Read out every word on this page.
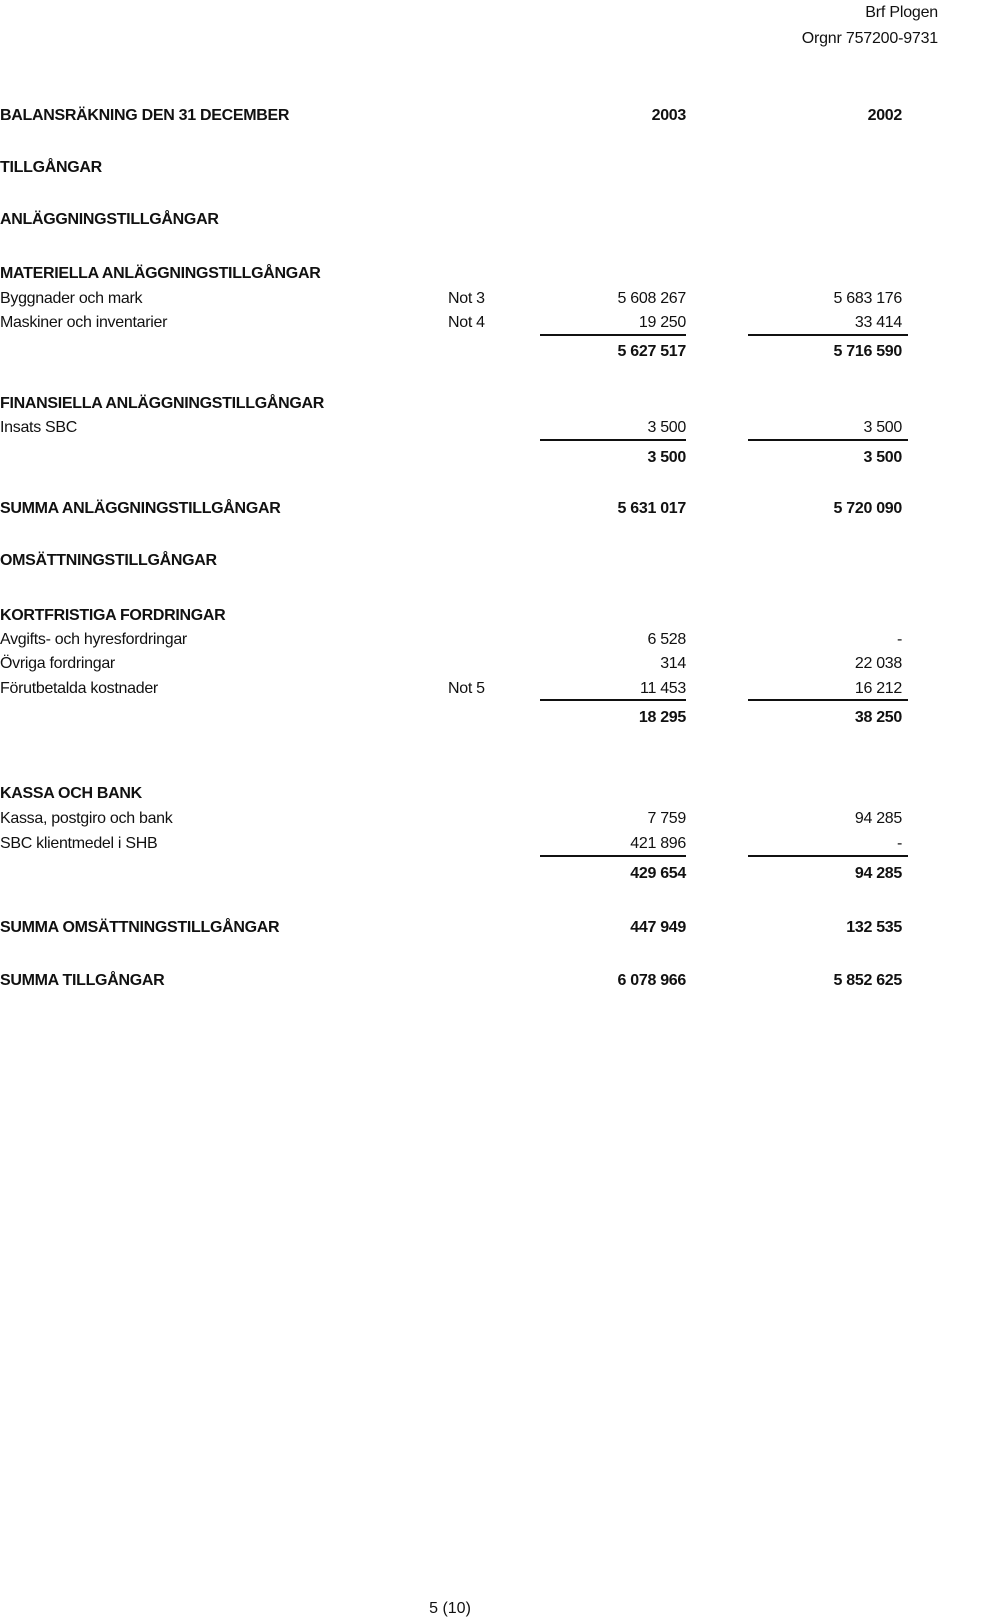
Brf Plogen
Orgnr 757200-9731
BALANSRÄKNING DEN 31 DECEMBER	2003	2002
TILLGÅNGAR
ANLÄGGNINGSTILLGÅNGAR
MATERIELLA ANLÄGGNINGSTILLGÅNGAR
Byggnader och mark	Not 3	5 608 267	5 683 176
Maskiner och inventarier	Not 4	19 250	33 414
5 627 517	5 716 590
FINANSIELLA ANLÄGGNINGSTILLGÅNGAR
Insats SBC	3 500	3 500
3 500	3 500
SUMMA ANLÄGGNINGSTILLGÅNGAR	5 631 017	5 720 090
OMSÄTTNINGSTILLGÅNGAR
KORTFRISTIGA FORDRINGAR
Avgifts- och hyresfordringar	6 528	-
Övriga fordringar	314	22 038
Förutbetalda kostnader	Not 5	11 453	16 212
18 295	38 250
KASSA OCH BANK
Kassa, postgiro och bank	7 759	94 285
SBC klientmedel i SHB	421 896	-
429 654	94 285
SUMMA OMSÄTTNINGSTILLGÅNGAR	447 949	132 535
SUMMA TILLGÅNGAR	6 078 966	5 852 625
5 (10)
